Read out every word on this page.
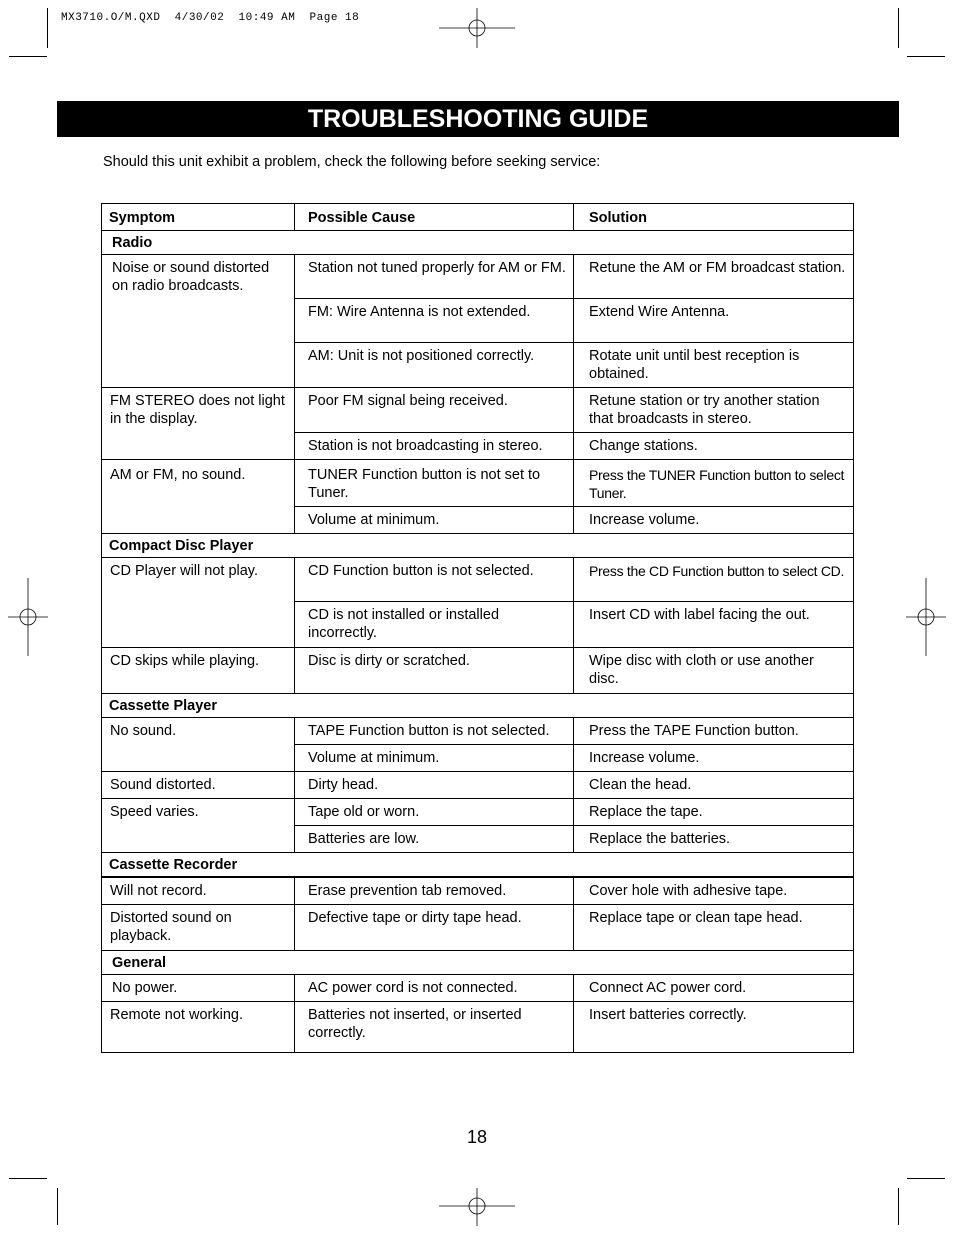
MX3710.O/M.QXD  4/30/02  10:49 AM  Page 18
TROUBLESHOOTING GUIDE
Should this unit exhibit a problem, check the following before seeking service:
Symptom	Possible Cause	Solution
Radio		
Noise or sound distorted on radio broadcasts.	Station not tuned properly for AM or FM.	Retune the AM or FM broadcast station.
	FM: Wire Antenna is not extended.	Extend Wire Antenna.
	AM: Unit is not positioned correctly.	Rotate unit until best reception is obtained.
FM STEREO does not light in the display.	Poor FM signal being received.	Retune station or try another station that broadcasts in stereo.
	Station is not broadcasting in stereo.	Change stations.
AM or FM, no sound.	TUNER Function button is not set to Tuner.	Press the TUNER Function button to select Tuner.
	Volume at minimum.	Increase volume.
Compact Disc Player		
CD Player will not play.	CD Function button is not selected.	Press the CD Function button to select CD.
	CD is not installed or installed incorrectly.	Insert CD with label facing the out.
CD skips while playing.	Disc is dirty or scratched.	Wipe disc with cloth or use another disc.
Cassette Player		
No sound.	TAPE Function button is not selected.	Press the TAPE Function button.
	Volume at minimum.	Increase volume.
Sound distorted.	Dirty head.	Clean the head.
Speed varies.	Tape old or worn.	Replace the tape.
	Batteries are low.	Replace the batteries.
Cassette Recorder		
Will not record.	Erase prevention tab removed.	Cover hole with adhesive tape.
Distorted sound on playback.	Defective tape or dirty tape head.	Replace tape or clean tape head.
General		
No power.	AC power cord is not connected.	Connect AC power cord.
Remote not working.	Batteries not inserted, or inserted correctly.	Insert batteries correctly.
18
